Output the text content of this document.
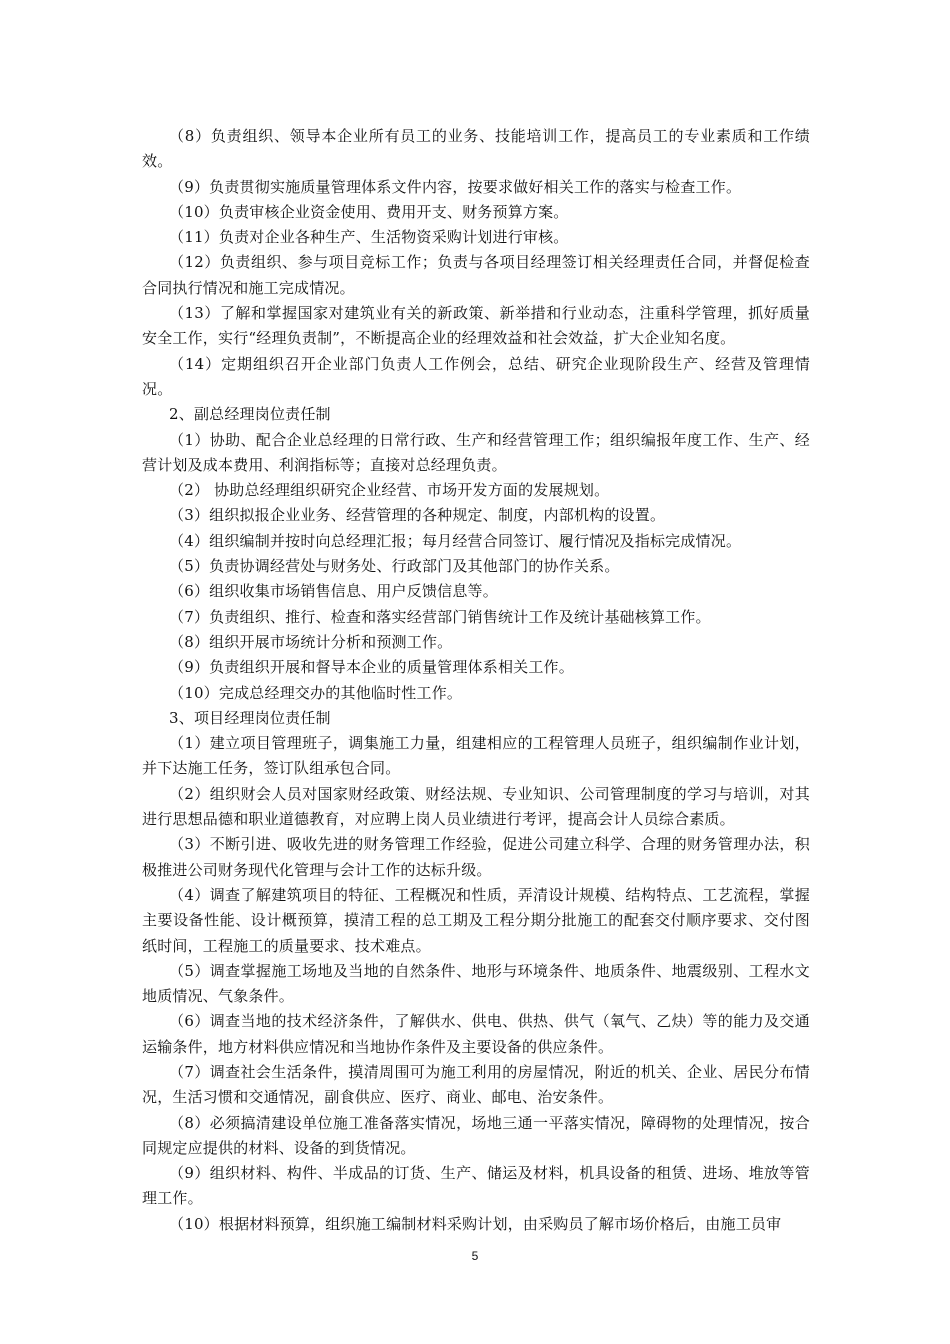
（8）负责组织、领导本企业所有员工的业务、技能培训工作，提高员工的专业素质和工作绩效。

（9）负责贯彻实施质量管理体系文件内容，按要求做好相关工作的落实与检查工作。

（10）负责审核企业资金使用、费用开支、财务预算方案。

（11）负责对企业各种生产、生活物资采购计划进行审核。

（12）负责组织、参与项目竞标工作；负责与各项目经理签订相关经理责任合同，并督促检查合同执行情况和施工完成情况。

（13）了解和掌握国家对建筑业有关的新政策、新举措和行业动态，注重科学管理，抓好质量安全工作，实行“经理负责制”，不断提高企业的经理效益和社会效益，扩大企业知名度。

（14）定期组织召开企业部门负责人工作例会，总结、研究企业现阶段生产、经营及管理情况。

2、副总经理岗位责任制

（1）协助、配合企业总经理的日常行政、生产和经营管理工作；组织编报年度工作、生产、经营计划及成本费用、利润指标等；直接对总经理负责。

（2） 协助总经理组织研究企业经营、市场开发方面的发展规划。

（3）组织拟报企业业务、经营管理的各种规定、制度，内部机构的设置。

（4）组织编制并按时向总经理汇报；每月经营合同签订、履行情况及指标完成情况。

（5）负责协调经营处与财务处、行政部门及其他部门的协作关系。

（6）组织收集市场销售信息、用户反馈信息等。

（7）负责组织、推行、检查和落实经营部门销售统计工作及统计基础核算工作。

（8）组织开展市场统计分析和预测工作。

（9）负责组织开展和督导本企业的质量管理体系相关工作。

（10）完成总经理交办的其他临时性工作。

3、项目经理岗位责任制

（1）建立项目管理班子，调集施工力量，组建相应的工程管理人员班子，组织编制作业计划，并下达施工任务，签订队组承包合同。

（2）组织财会人员对国家财经政策、财经法规、专业知识、公司管理制度的学习与培训，对其进行思想品德和职业道德教育，对应聘上岗人员业绩进行考评，提高会计人员综合素质。

（3）不断引进、吸收先进的财务管理工作经验，促进公司建立科学、合理的财务管理办法，积极推进公司财务现代化管理与会计工作的达标升级。

（4）调查了解建筑项目的特征、工程概况和性质，弄清设计规模、结构特点、工艺流程，掌握主要设备性能、设计概预算，摸清工程的总工期及工程分期分批施工的配套交付顺序要求、交付图纸时间，工程施工的质量要求、技术难点。

（5）调查掌握施工场地及当地的自然条件、地形与环境条件、地质条件、地震级别、工程水文地质情况、气象条件。

（6）调查当地的技术经济条件，了解供水、供电、供热、供气（氧气、乙炔）等的能力及交通运输条件，地方材料供应情况和当地协作条件及主要设备的供应条件。

（7）调查社会生活条件，摸清周围可为施工利用的房屋情况，附近的机关、企业、居民分布情况，生活习惯和交通情况，副食供应、医疗、商业、邮电、治安条件。

（8）必须搞清建设单位施工准备落实情况，场地三通一平落实情况，障碍物的处理情况，按合同规定应提供的材料、设备的到货情况。

（9）组织材料、构件、半成品的订货、生产、储运及材料，机具设备的租赁、进场、堆放等管理工作。

（10）根据材料预算，组织施工编制材料采购计划，由采购员了解市场价格后，由施工员审

5
